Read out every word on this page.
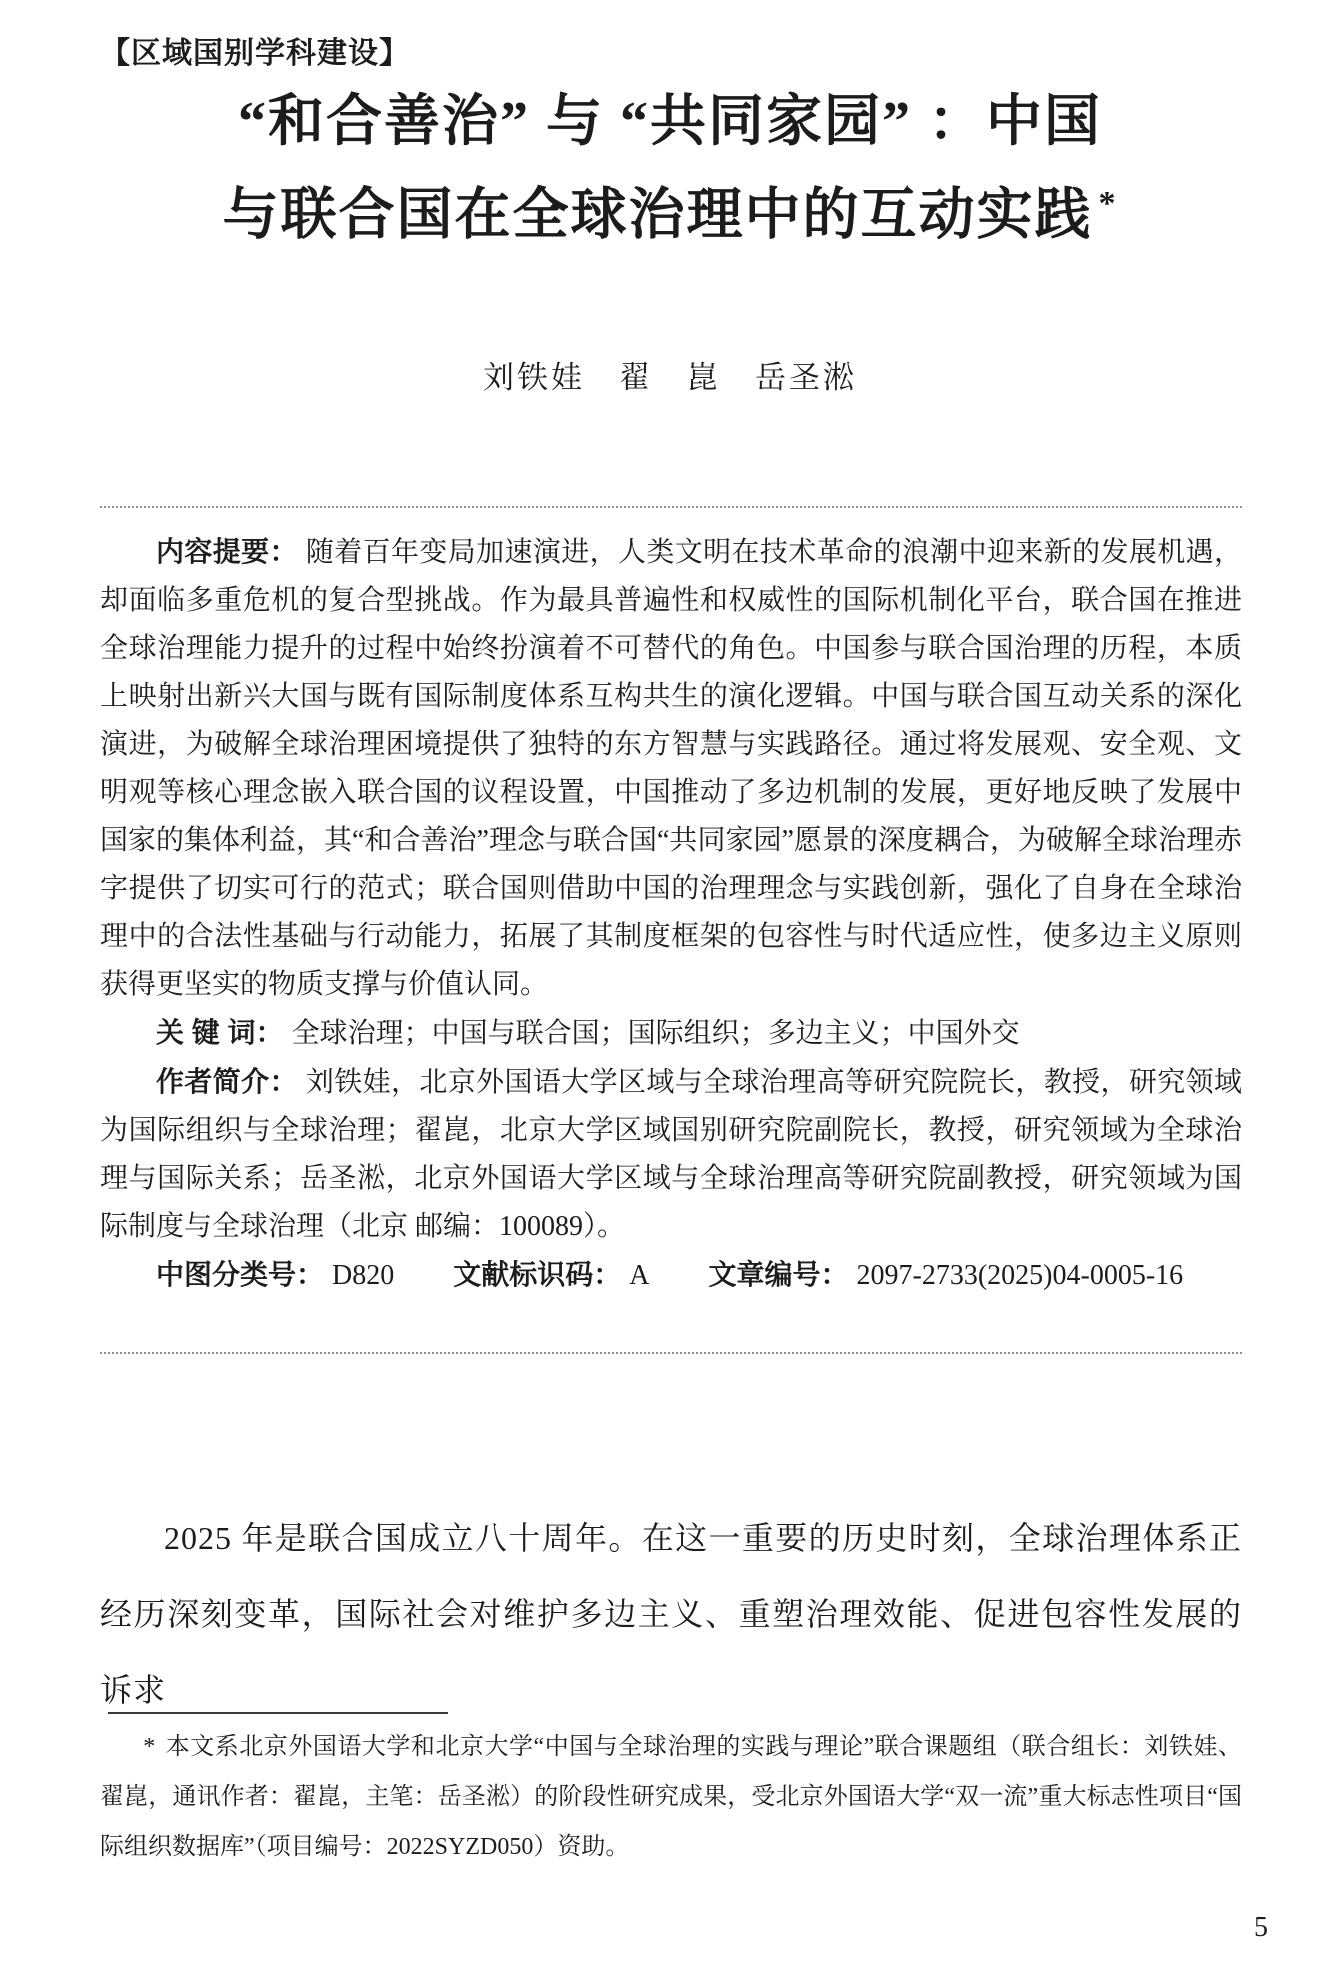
【区域国别学科建设】
“和合善治” 与 “共同家园” ：中国
与联合国在全球治理中的互动实践 *
刘铁娃　翟　崑　岳圣淞

内容提要： 随着百年变局加速演进，人类文明在技术革命的浪潮中迎来新的发展机遇，却面临多重危机的复合型挑战。作为最具普遍性和权威性的国际机制化平台，联合国在推进全球治理能力提升的过程中始终扮演着不可替代的角色。中国参与联合国治理的历程，本质上映射出新兴大国与既有国际制度体系互构共生的演化逻辑。中国与联合国互动关系的深化演进，为破解全球治理困境提供了独特的东方智慧与实践路径。通过将发展观、安全观、文明观等核心理念嵌入联合国的议程设置，中国推动了多边机制的发展，更好地反映了发展中国家的集体利益，其“和合善治”理念与联合国“共同家园”愿景的深度耦合，为破解全球治理赤字提供了切实可行的范式；联合国则借助中国的治理理念与实践创新，强化了自身在全球治理中的合法性基础与行动能力，拓展了其制度框架的包容性与时代适应性，使多边主义原则获得更坚实的物质支撑与价值认同。

关 键 词： 全球治理；中国与联合国；国际组织；多边主义；中国外交

作者简介： 刘铁娃，北京外国语大学区域与全球治理高等研究院院长，教授，研究领域为国际组织与全球治理；翟崑，北京大学区域国别研究院副院长，教授，研究领域为全球治理与国际关系；岳圣淞，北京外国语大学区域与全球治理高等研究院副教授，研究领域为国际制度与全球治理（北京 邮编：100089）。

中图分类号： D820 文献标识码： A 文章编号： 2097-2733(2025)04-0005-16

2025 年是联合国成立八十周年。在这一重要的历史时刻，全球治理体系正经历深刻变革，国际社会对维护多边主义、重塑治理效能、促进包容性发展的诉求

* 本文系北京外国语大学和北京大学“中国与全球治理的实践与理论”联合课题组（联合组长：刘铁娃、翟崑，通讯作者：翟崑，主笔：岳圣淞）的阶段性研究成果，受北京外国语大学“双一流”重大标志性项目“国际组织数据库”（项目编号：2022SYZD050）资助。

5
